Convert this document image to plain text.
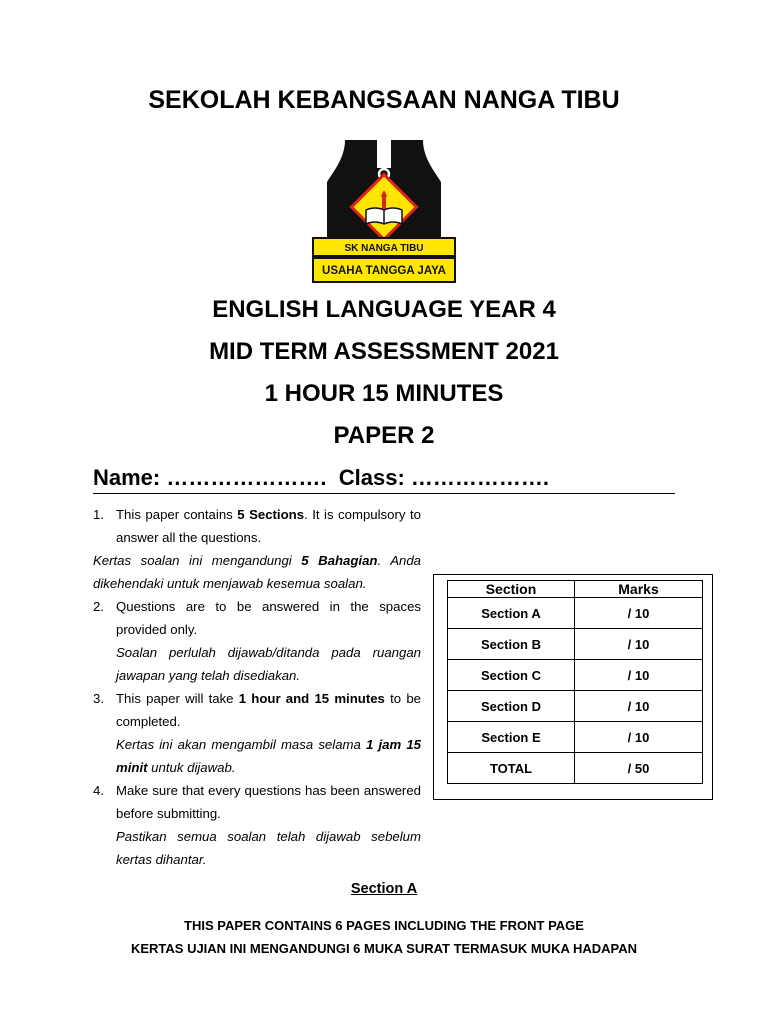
SEKOLAH KEBANGSAAN NANGA TIBU
SK NANGA TIBU
USAHA TANGGA JAYA
ENGLISH LANGUAGE YEAR 4
MID TERM ASSESSMENT 2021
1 HOUR 15 MINUTES
PAPER 2
Name: …………………. Class: ……………….
1. This paper contains 5 Sections. It is compulsory to answer all the questions.
Kertas soalan ini mengandungi 5 Bahagian. Anda dikehendaki untuk menjawab kesemua soalan.
2. Questions are to be answered in the spaces provided only.
Soalan perlulah dijawab/ditanda pada ruangan jawapan yang telah disediakan.
3. This paper will take 1 hour and 15 minutes to be completed.
Kertas ini akan mengambil masa selama 1 jam 15 minit untuk dijawab.
4. Make sure that every questions has been answered before submitting.
Pastikan semua soalan telah dijawab sebelum kertas dihantar.
Section	Marks
Section A	/ 10
Section B	/ 10
Section C	/ 10
Section D	/ 10
Section E	/ 10
TOTAL	/ 50
Section A
THIS PAPER CONTAINS 6 PAGES INCLUDING THE FRONT PAGE
KERTAS UJIAN INI MENGANDUNGI 6 MUKA SURAT TERMASUK MUKA HADAPAN
